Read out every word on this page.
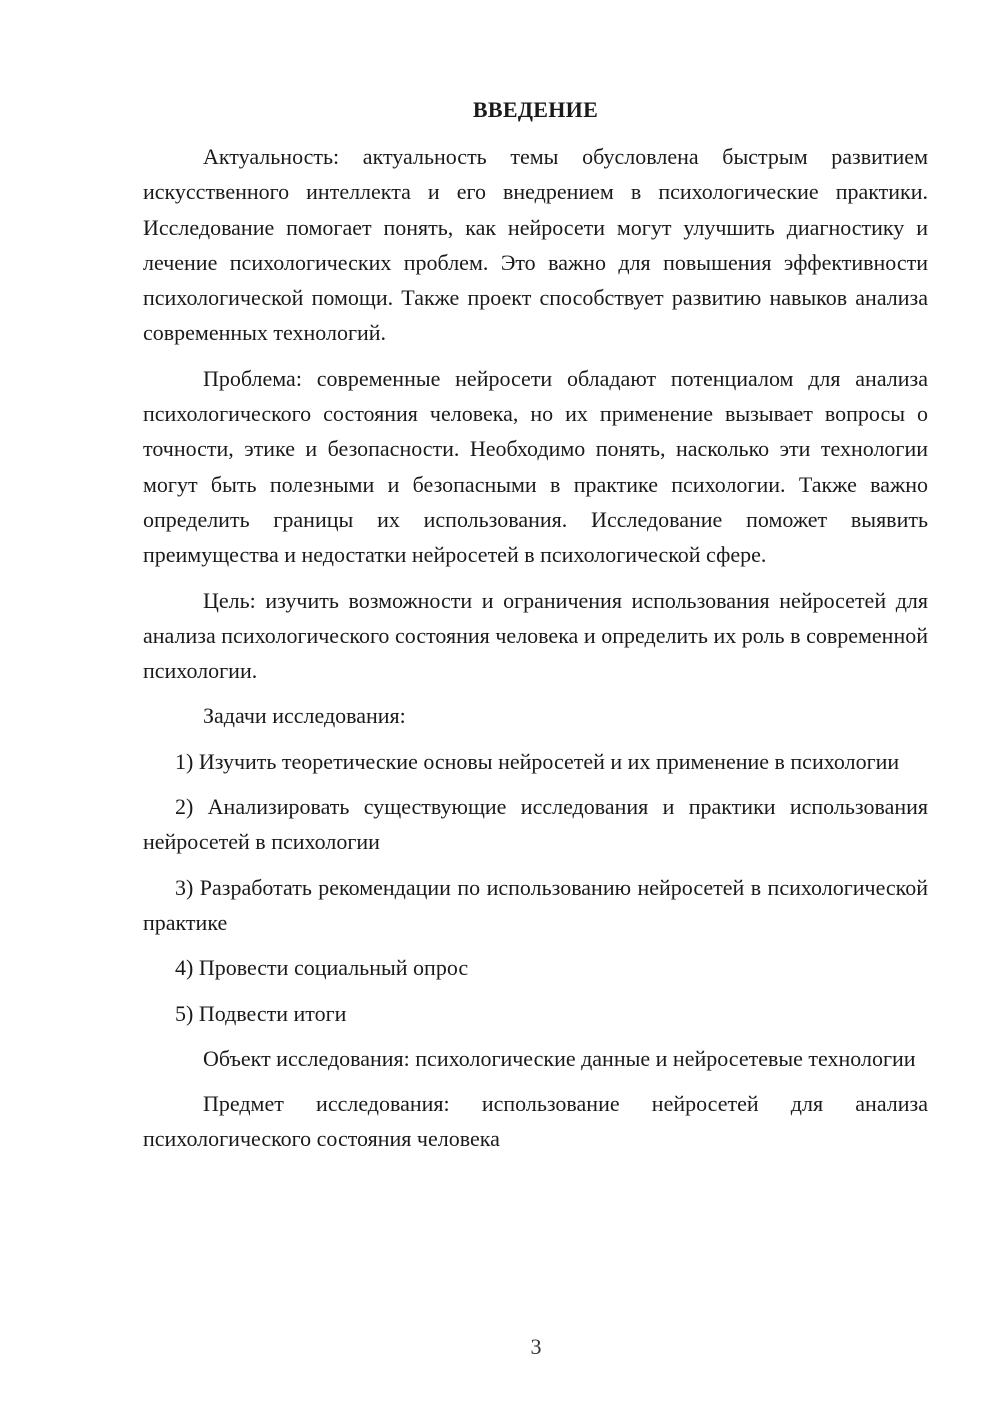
ВВЕДЕНИЕ

Актуальность: актуальность темы обусловлена быстрым развитием искусственного интеллекта и его внедрением в психологические практики. Исследование помогает понять, как нейросети могут улучшить диагностику и лечение психологических проблем. Это важно для повышения эффективности психологической помощи. Также проект способствует развитию навыков анализа современных технологий.

Проблема: современные нейросети обладают потенциалом для анализа психологического состояния человека, но их применение вызывает вопросы о точности, этике и безопасности. Необходимо понять, насколько эти технологии могут быть полезными и безопасными в практике психологии. Также важно определить границы их использования. Исследование поможет выявить преимущества и недостатки нейросетей в психологической сфере.

Цель: изучить возможности и ограничения использования нейросетей для анализа психологического состояния человека и определить их роль в современной психологии.

Задачи исследования:

1) Изучить теоретические основы нейросетей и их применение в психологии

2) Анализировать существующие исследования и практики использования нейросетей в психологии

3) Разработать рекомендации по использованию нейросетей в психологической практике

4) Провести социальный опрос

5) Подвести итоги

Объект исследования: психологические данные и нейросетевые технологии

Предмет исследования: использование нейросетей для анализа психологического состояния человека

3
